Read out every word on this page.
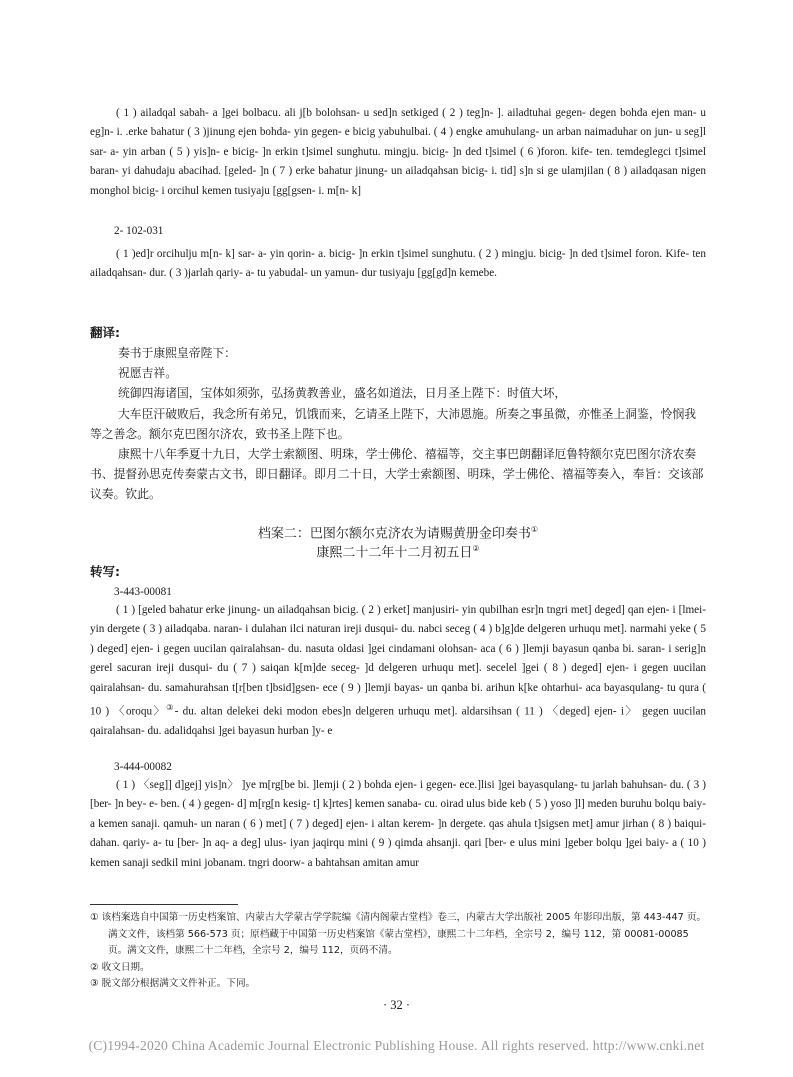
( 1 ) ailadqal sabah- a ]gei bolbacu. ali j[b bolohsan- u sed]n setkiged ( 2 ) teg]n- ]. ailadtuhai gegen- degen bohda ejen man- u eg]n- i. .erke bahatur ( 3 )jinung ejen bohda- yin gegen- e bicig yabuhulbai. ( 4 ) engke amuhulang- un arban naimaduhar on jun- u seg]l sar- a- yin arban ( 5 ) yis]n- e bicig- ]n erkin t]simel sunghutu. mingju. bicig- ]n ded t]simel ( 6 )foron. kife- ten. temdeglegci t]simel baran- yi dahudaju abacihad. [geled- ]n ( 7 ) erke bahatur jinung- un ailadqahsan bicig- i. tid] s]n si ge ulamjilan ( 8 ) ailadqasan nigen monghol bicig- i orcihul kemen tusiyaju [gg[gsen- i. m[n- k]

2- 102-031

( 1 )ed]r orcihulju m[n- k] sar- a- yin qorin- a. bicig- ]n erkin t]simel sunghutu. ( 2 ) mingju. bicig- ]n ded t]simel foron. Kife- ten ailadqahsan- dur. ( 3 )jarlah qariy- a- tu yabudal- un yamun- dur tusiyaju [gg[gd]n kemebe.

翻译:

奏书于康熙皇帝陛下：

祝愿吉祥。

统御四海诸国，宝体如须弥，弘扬黄教善业，盛名如道法，日月圣上陛下：时值大坏，

大车臣汗破败后，我念所有弟兄，饥饿而来，乞请圣上陛下，大沛恩施。所奏之事虽微，亦惟圣上洞鉴，怜悯我等之善念。额尔克巴图尔济农，致书圣上陛下也。

康熙十八年季夏十九日，大学士索额图、明珠，学士佛伦、禧福等，交主事巴朗翻译厄鲁特额尔克巴图尔济农奏书、提督孙思克传奏蒙古文书，即日翻译。即月二十日，大学士索额图、明珠，学士佛伦、禧福等奏入，奉旨：交该部议奏。钦此。

档案二：巴图尔额尔克济农为请赐黄册金印奏书①
康熙二十二年十二月初五日②
转写:
3-443-00081

( 1 ) [geled bahatur erke jinung- un ailadqahsan bicig. ( 2 ) erket] manjusiri- yin qubilhan esr]n tngri met] deged] qan ejen- i [lmei- yin dergete ( 3 ) ailadqaba. naran- i dulahan ilci naturan ireji dusqui- du. nabci seceg ( 4 ) b]g]de delgeren urhuqu met]. narmahi yeke ( 5 ) deged] ejen- i gegen uucilan qairalahsan- du. nasuta oldasi ]gei cindamani olohsan- aca ( 6 ) ]lemji bayasun qanba bi. saran- i serig]n gerel sacuran ireji dusqui- du ( 7 ) saiqan k[m]de seceg- ]d delgeren urhuqu met]. secelel ]gei ( 8 ) deged] ejen- i gegen uucilan qairalahsan- du. samahurahsan t[r[ben t]bsid]gsen- ece ( 9 ) ]lemji bayas- un qanba bi. arihun k[ke ohtarhui- aca bayasqulang- tu qura ( 10 ) 〈oroqu〉③- du. altan delekei deki modon ebes]n delgeren urhuqu met]. aldarsihsan ( 11 ) 〈deged] ejen- i〉 gegen uucilan qairalahsan- du. adalidqahsi ]gei bayasun hurban ]y- e

3-444-00082

( 1 ) 〈seg]] d]gej] yis]n〉 ]ye m[rg[be bi. ]lemji ( 2 ) bohda ejen- i gegen- ece.]lisi ]gei bayasqulang- tu jarlah bahuhsan- du. ( 3 ) [ber- ]n bey- e- ben. ( 4 ) gegen- d] m[rg[n kesig- t] k]rtes] kemen sanaba- cu. oirad ulus bide keb ( 5 ) yoso ]l] meden buruhu bolqu baiy- a kemen sanaji. qamuh- un naran ( 6 ) met] ( 7 ) deged] ejen- i altan kerem- ]n dergete. qas ahula t]sigsen met] amur jirhan ( 8 ) baiqui- dahan. qariy- a- tu [ber- ]n aq- a deg] ulus- iyan jaqirqu mini ( 9 ) qimda ahsanji. qari [ber- e ulus mini ]geber bolqu ]gei baiy- a ( 10 ) kemen sanaji sedkil mini jobanam. tngri doorw- a bahtahsan amitan amur

① 该档案选自中国第一历史档案馆、内蒙古大学蒙古学学院编《清内阁蒙古堂档》卷三，内蒙古大学出版社 2005 年影印出版，第 443-447 页。满文文件，该档第 566-573 页；原档藏于中国第一历史档案馆《蒙古堂档》，康熙二十二年档，全宗号 2，编号 112，第 00081-00085 页。满文文件，康熙二十二年档，全宗号 2，编号 112，页码不清。

② 收文日期。

③ 脱文部分根据满文文件补正。下同。

· 32 ·
(C)1994-2020 China Academic Journal Electronic Publishing House. All rights reserved. http://www.cnki.net
